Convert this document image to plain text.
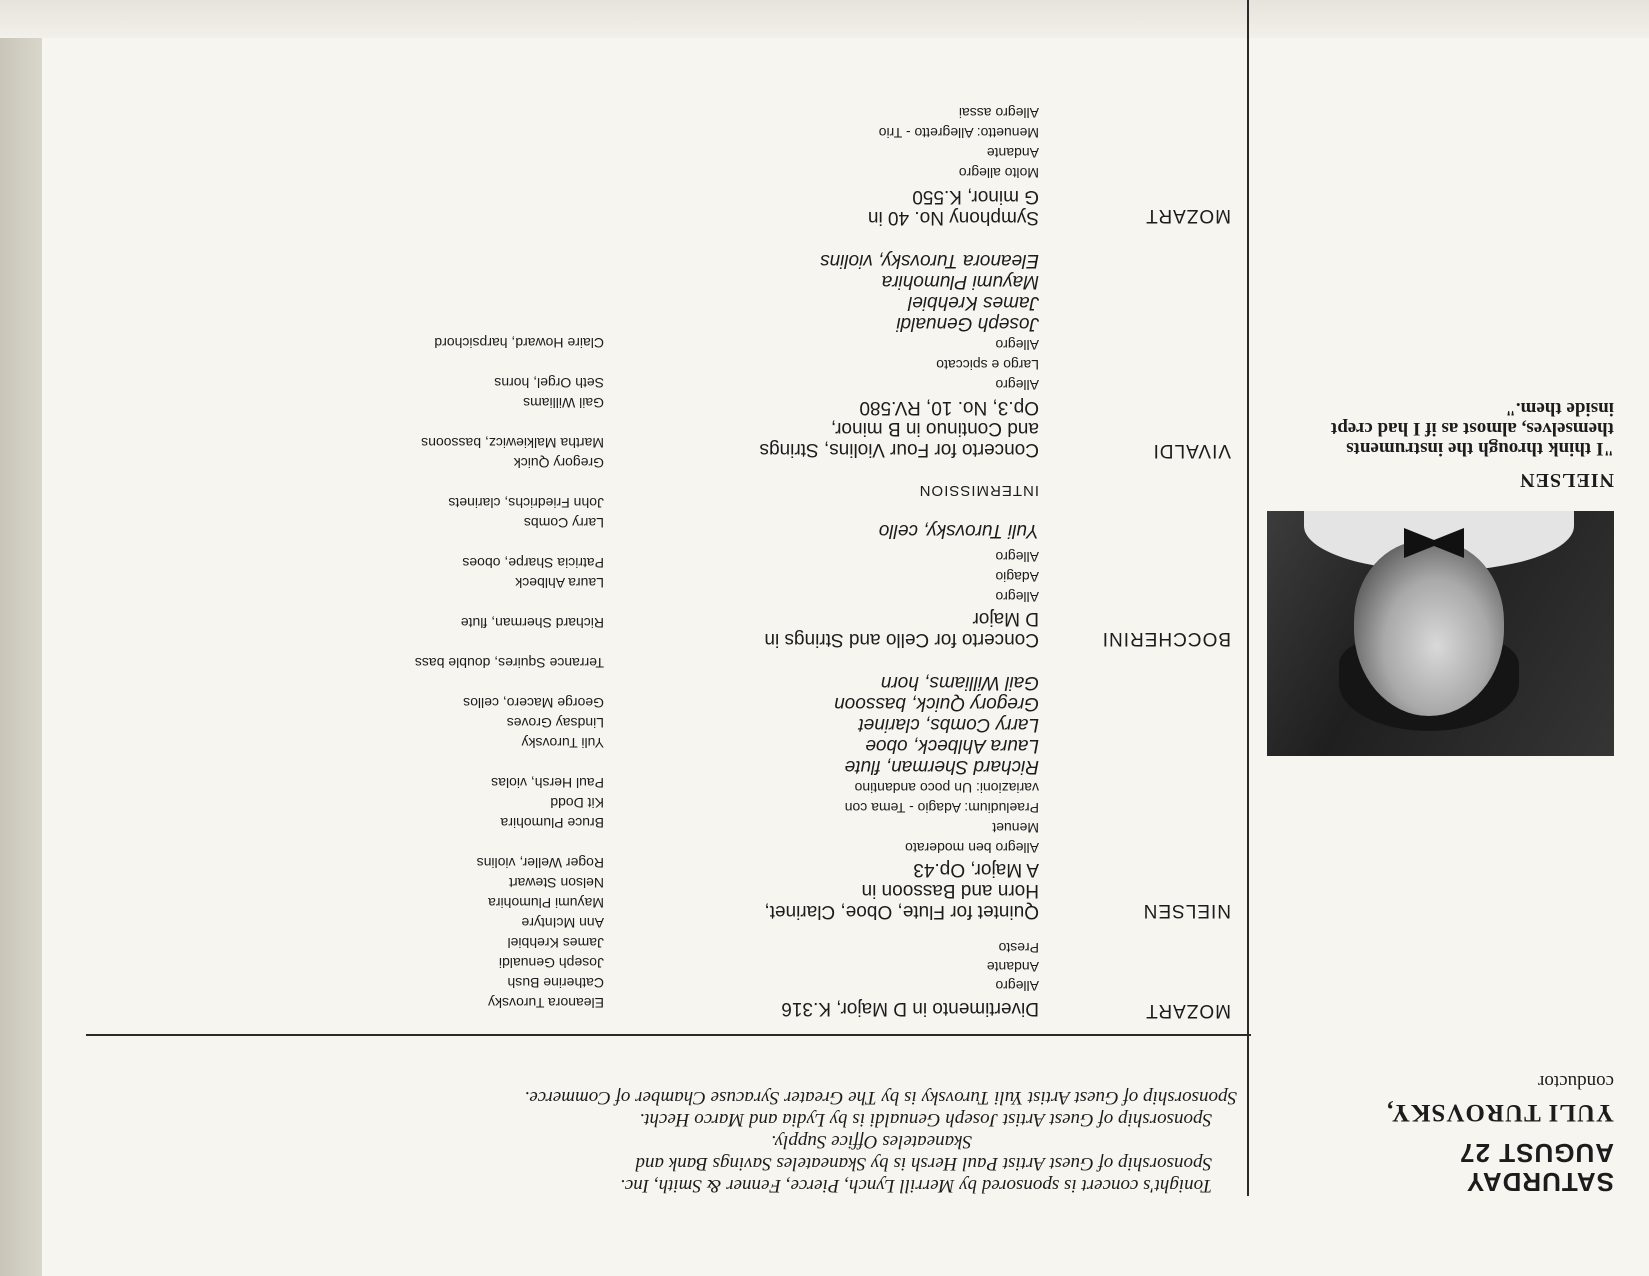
SATURDAY
AUGUST 27
YULI TUROVSKY,
conductor
NIELSEN
"I think through the instruments themselves, almost as if I had crept inside them."
Tonight's concert is sponsored by Merrill Lynch, Pierce, Fenner & Smith, Inc.
Sponsorship of Guest Artist Paul Hersh is by Skaneateles Savings Bank and
Skaneateles Office Supply.
Sponsorship of Guest Artist Joseph Genualdi is by Lydia and Marco Hecht.
Sponsorship of Guest Artist Yuli Turovsky is by The Greater Syracuse Chamber of Commerce.
MOZART
Divertimento in D Major, K.316
Allegro
Andante
Presto
NIELSEN
Quintet for Flute, Oboe, Clarinet,
Horn and Bassoon in
A Major, Op.43
Allegro ben moderato
Menuet
Praeludium: Adagio - Tema con
variazioni: Un poco andantino
Richard Sherman, flute
Laura Ahlbeck, oboe
Larry Combs, clarinet
Gregory Quick, bassoon
Gail Williams, horn
BOCCHERINI
Concerto for Cello and Strings in
D Major
Allegro
Adagio
Allegro
Yuli Turovsky, cello
INTERMISSION
VIVALDI
Concerto for Four Violins, Strings
and Continuo in B minor,
Op.3, No. 10, RV.580
Allegro
Largo e spiccato
Allegro
Joseph Genualdi
James Krehbiel
Mayumi Plumohira
Eleanora Turovsky, violins
MOZART
Symphony No. 40 in
G minor, K.550
Molto allegro
Andante
Menuetto: Allegretto - Trio
Allegro assai
Eleanora Turovsky
Catherine Bush
Joseph Genualdi
James Krehbiel
Ann McIntyre
Mayumi Plumohira
Nelson Stewart
Roger Weller, violins
Bruce Plumohira
Kit Dodd
Paul Hersh, violas
Yuli Turovsky
Lindsay Groves
George Macero, cellos
Terrance Squires, double bass
Richard Sherman, flute
Laura Ahlbeck
Patricia Sharpe, oboes
Larry Combs
John Friedrichs, clarinets
Gregory Quick
Martha Malkiewicz, bassoons
Gail Williams
Seth Orgel, horns
Claire Howard, harpsichord
